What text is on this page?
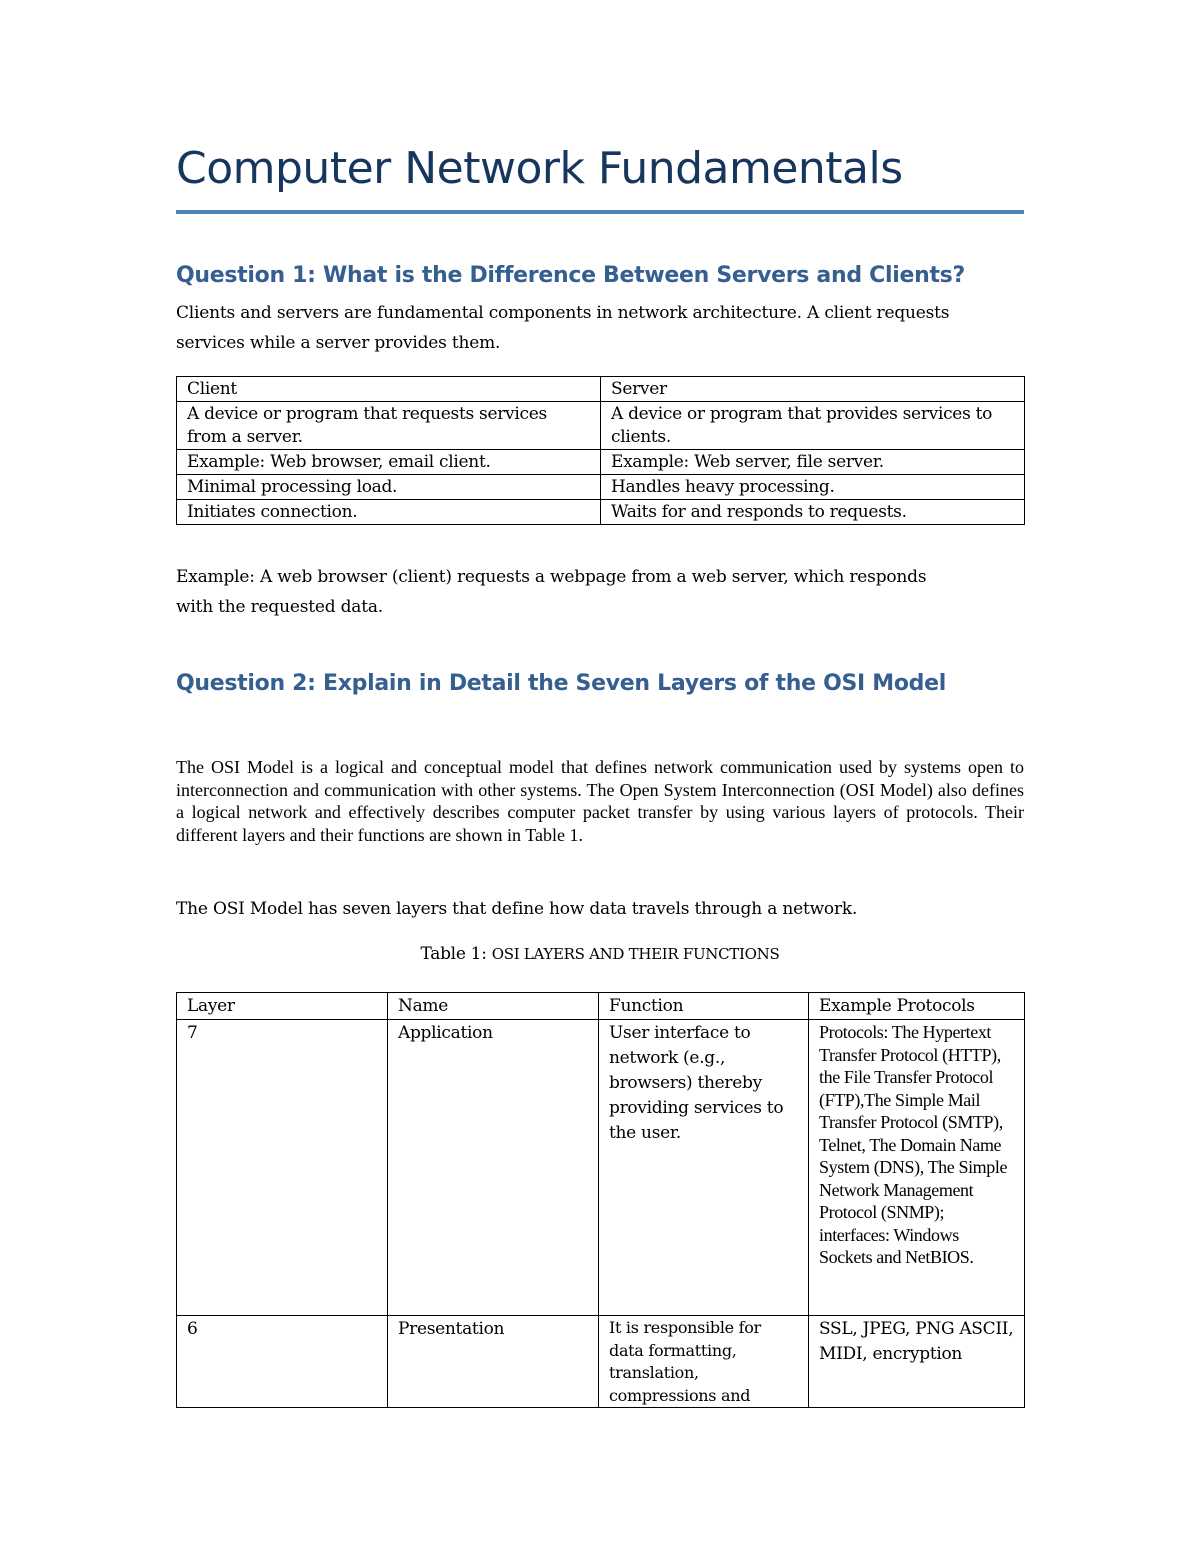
Computer Network Fundamentals
Question 1: What is the Difference Between Servers and Clients?

Clients and servers are fundamental components in network architecture. A client requests
services while a server provides them.

Client	Server
A device or program that requests services from a server.	A device or program that provides services to clients.
Example: Web browser, email client.	Example: Web server, file server.
Minimal processing load.	Handles heavy processing.
Initiates connection.	Waits for and responds to requests.

Example: A web browser (client) requests a webpage from a web server, which responds
with the requested data.

Question 2: Explain in Detail the Seven Layers of the OSI Model

The OSI Model is a logical and conceptual model that defines network communication used by systems open to interconnection and communication with other systems. The Open System Interconnection (OSI Model) also defines a logical network and effectively describes computer packet transfer by using various layers of protocols. Their different layers and their functions are shown in Table 1.

The OSI Model has seven layers that define how data travels through a network.

Table 1: OSI LAYERS AND THEIR FUNCTIONS

Layer	Name	Function	Example Protocols
7	Application	User interface to network (e.g., browsers) thereby providing services to the user.	Protocols: The Hypertext Transfer Protocol (HTTP), the File Transfer Protocol (FTP),The Simple Mail Transfer Protocol (SMTP), Telnet, The Domain Name System (DNS), The Simple Network Management Protocol (SNMP); interfaces: Windows Sockets and NetBIOS.
6	Presentation	It is responsible for data formatting, translation, compressions and	SSL, JPEG, PNG ASCII, MIDI, encryption
